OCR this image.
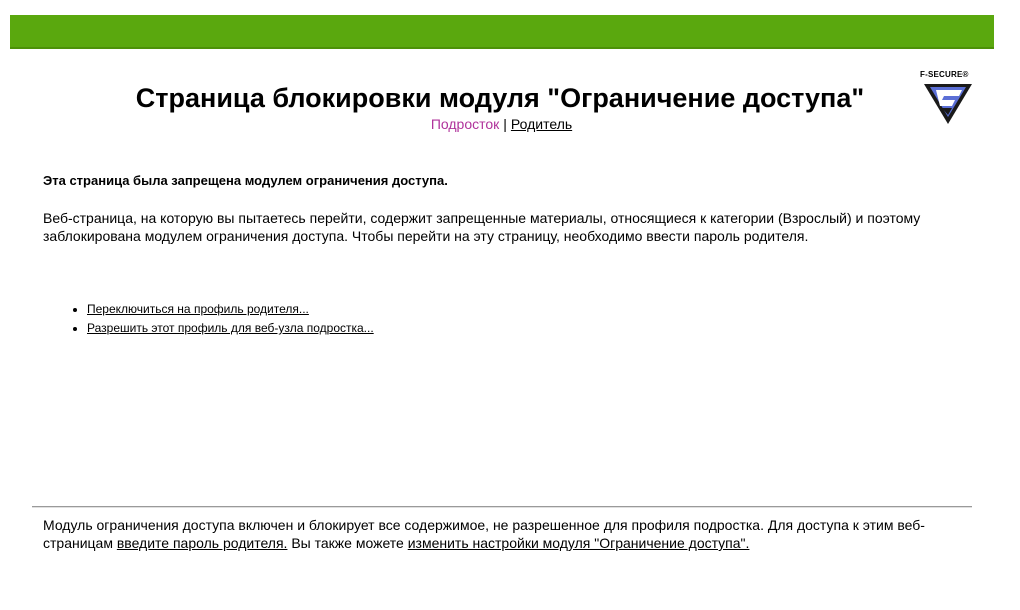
Страница блокировки модуля "Ограничение доступа"
Подросток | Родитель
F-SECURE®
Эта страница была запрещена модулем ограничения доступа.
Веб-страница, на которую вы пытаетесь перейти, содержит запрещенные материалы, относящиеся к категории (Взрослый) и поэтому заблокирована модулем ограничения доступа. Чтобы перейти на эту страницу, необходимо ввести пароль родителя.
• Переключиться на профиль родителя...
• Разрешить этот профиль для веб-узла подростка...
Модуль ограничения доступа включен и блокирует все содержимое, не разрешенное для профиля подростка. Для доступа к этим веб-страницам введите пароль родителя. Вы также можете изменить настройки модуля "Ограничение доступа".
